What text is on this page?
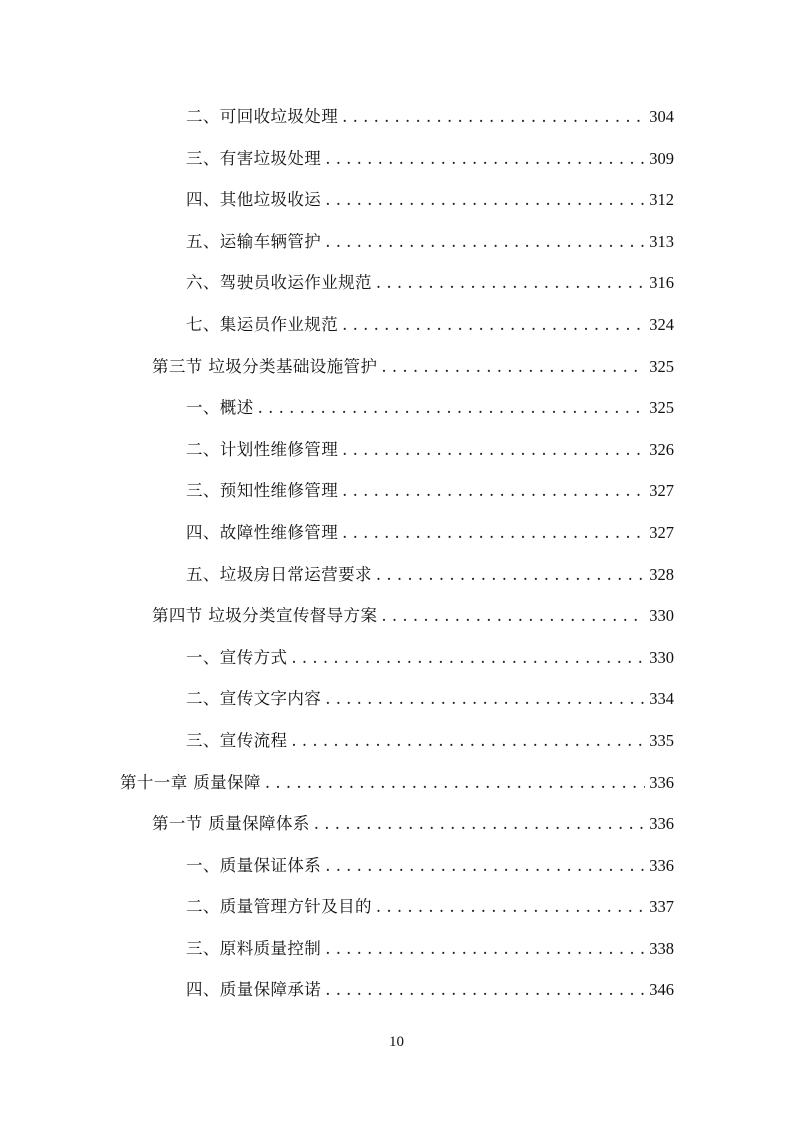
二、可回收垃圾处理 . . .	304
三、有害垃圾处理 . . .	309
四、其他垃圾收运 . . .	312
五、运输车辆管护 . . .	313
六、驾驶员收运作业规范 . . .	316
七、集运员作业规范 . . .	324
第三节 垃圾分类基础设施管护 . . .	325
一、概述 . . .	325
二、计划性维修管理 . . .	326
三、预知性维修管理 . . .	327
四、故障性维修管理 . . .	327
五、垃圾房日常运营要求 . . .	328
第四节 垃圾分类宣传督导方案 . . .	330
一、宣传方式 . . .	330
二、宣传文字内容 . . .	334
三、宣传流程 . . .	335
第十一章 质量保障 . . .	336
第一节 质量保障体系 . . .	336
一、质量保证体系 . . .	336
二、质量管理方针及目的 . . .	337
三、原料质量控制 . . .	338
四、质量保障承诺 . . .	346
10
